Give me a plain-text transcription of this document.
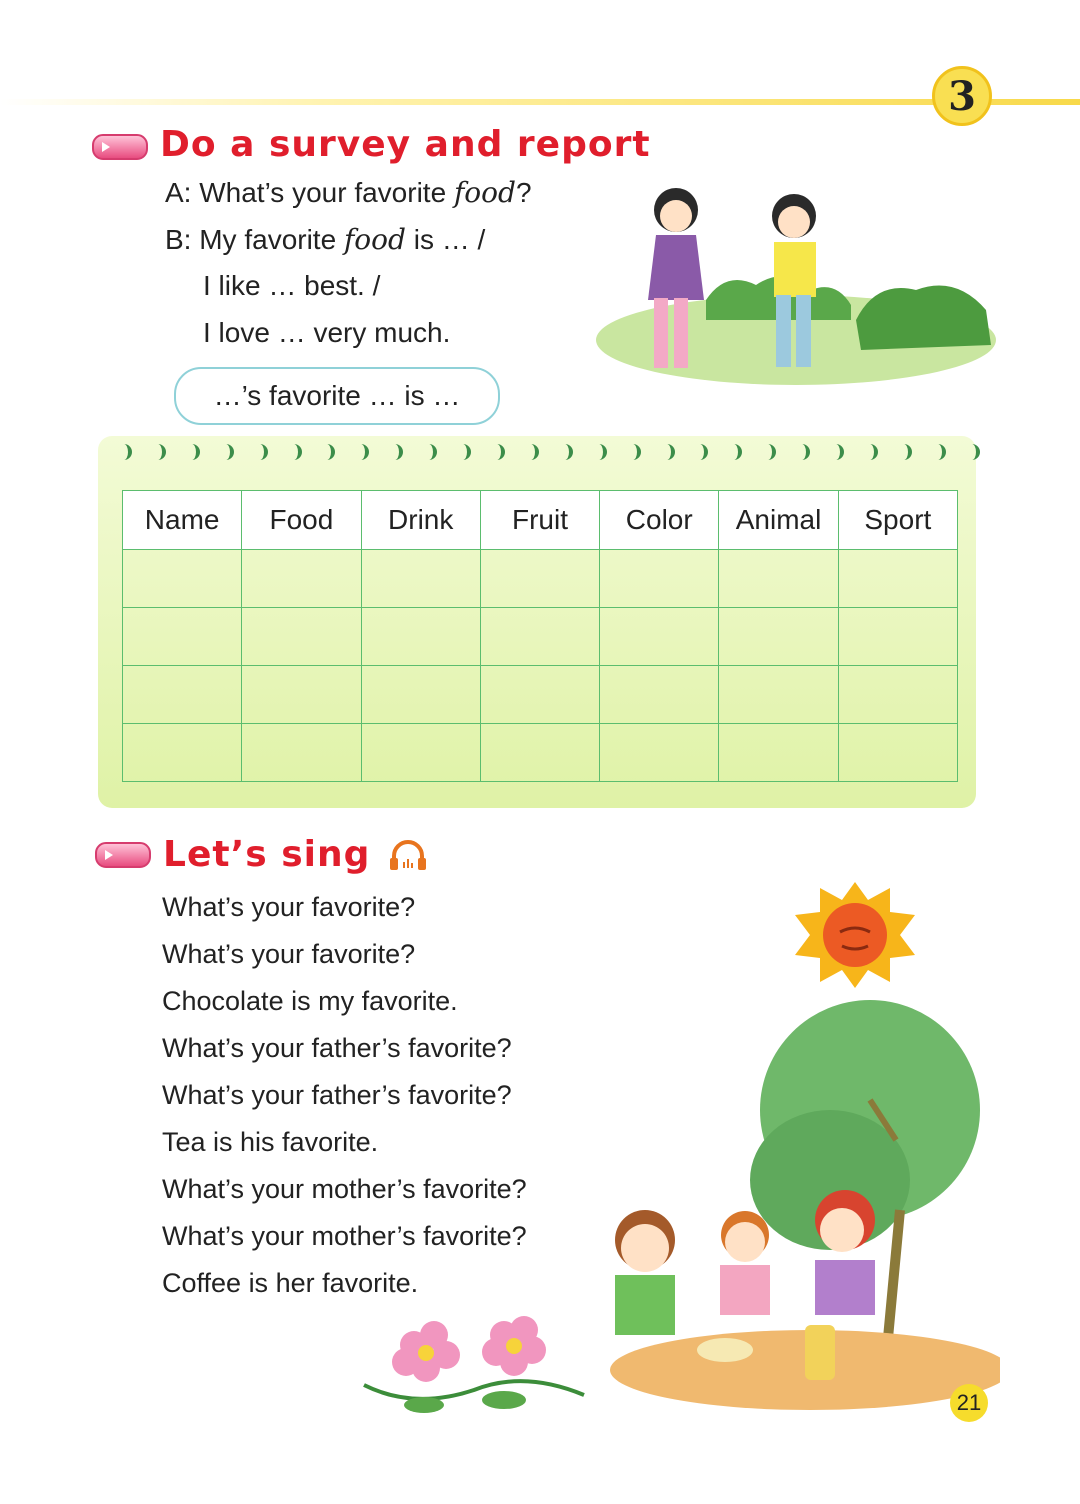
3
Do a survey and report
A: What’s your favorite food?
B: My favorite food is … /
I like … best. /
I love … very much.
…’s favorite … is …
Name	Food	Drink	Fruit	Color	Animal	Sport

Let’s sing
What’s your favorite?
What’s your favorite?
Chocolate is my favorite.
What’s your father’s favorite?
What’s your father’s favorite?
Tea is his favorite.
What’s your mother’s favorite?
What’s your mother’s favorite?
Coffee is her favorite.
21
